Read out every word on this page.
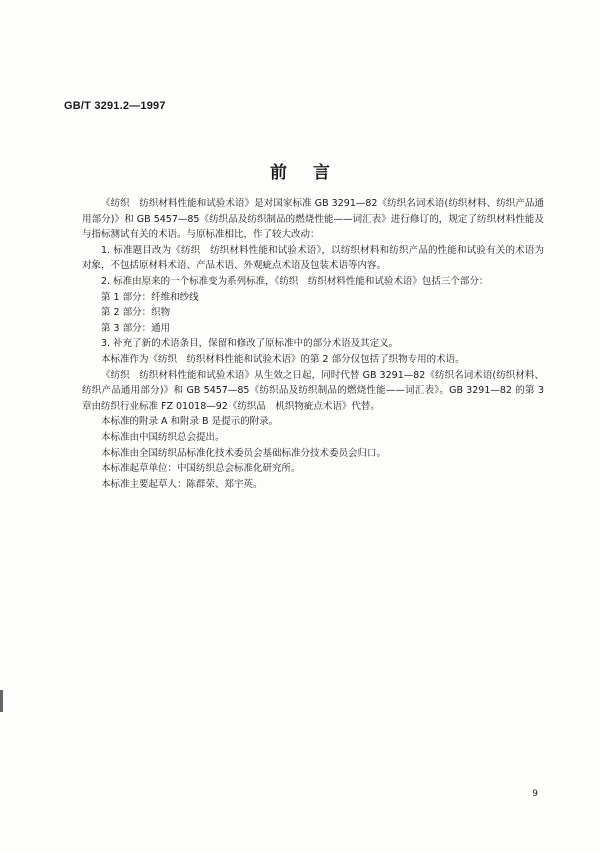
GB/T 3291.2—1997
前言

《纺织　纺织材料性能和试验术语》是对国家标准 GB 3291—82《纺织名词术语(纺织材料、纺织产品通用部分)》和 GB 5457—85《纺织品及纺织制品的燃烧性能——词汇表》进行修订的，规定了纺织材料性能及与指标测试有关的术语。与原标准相比，作了较大改动：

1. 标准题目改为《纺织　纺织材料性能和试验术语》，以纺织材料和纺织产品的性能和试验有关的术语为对象，不包括原材料术语、产品术语、外观疵点术语及包装术语等内容。

2. 标准由原来的一个标准变为系列标准，《纺织　纺织材料性能和试验术语》包括三个部分：

第 1 部分：纤维和纱线

第 2 部分：织物

第 3 部分：通用

3. 补充了新的术语条目，保留和修改了原标准中的部分术语及其定义。

本标准作为《纺织　纺织材料性能和试验术语》的第 2 部分仅包括了织物专用的术语。

《纺织　纺织材料性能和试验术语》从生效之日起，同时代替 GB 3291—82《纺织名词术语(纺织材料、纺织产品通用部分)》和 GB 5457—85《纺织品及纺织制品的燃烧性能——词汇表》。GB 3291—82 的第 3 章由纺织行业标准 FZ 01018—92《纺织品　机织物疵点术语》代替。

本标准的附录 A 和附录 B 是提示的附录。

本标准由中国纺织总会提出。

本标准由全国纺织品标准化技术委员会基础标准分技术委员会归口。

本标准起草单位：中国纺织总会标准化研究所。

本标准主要起草人：陈群荣、郑宇英。

9
